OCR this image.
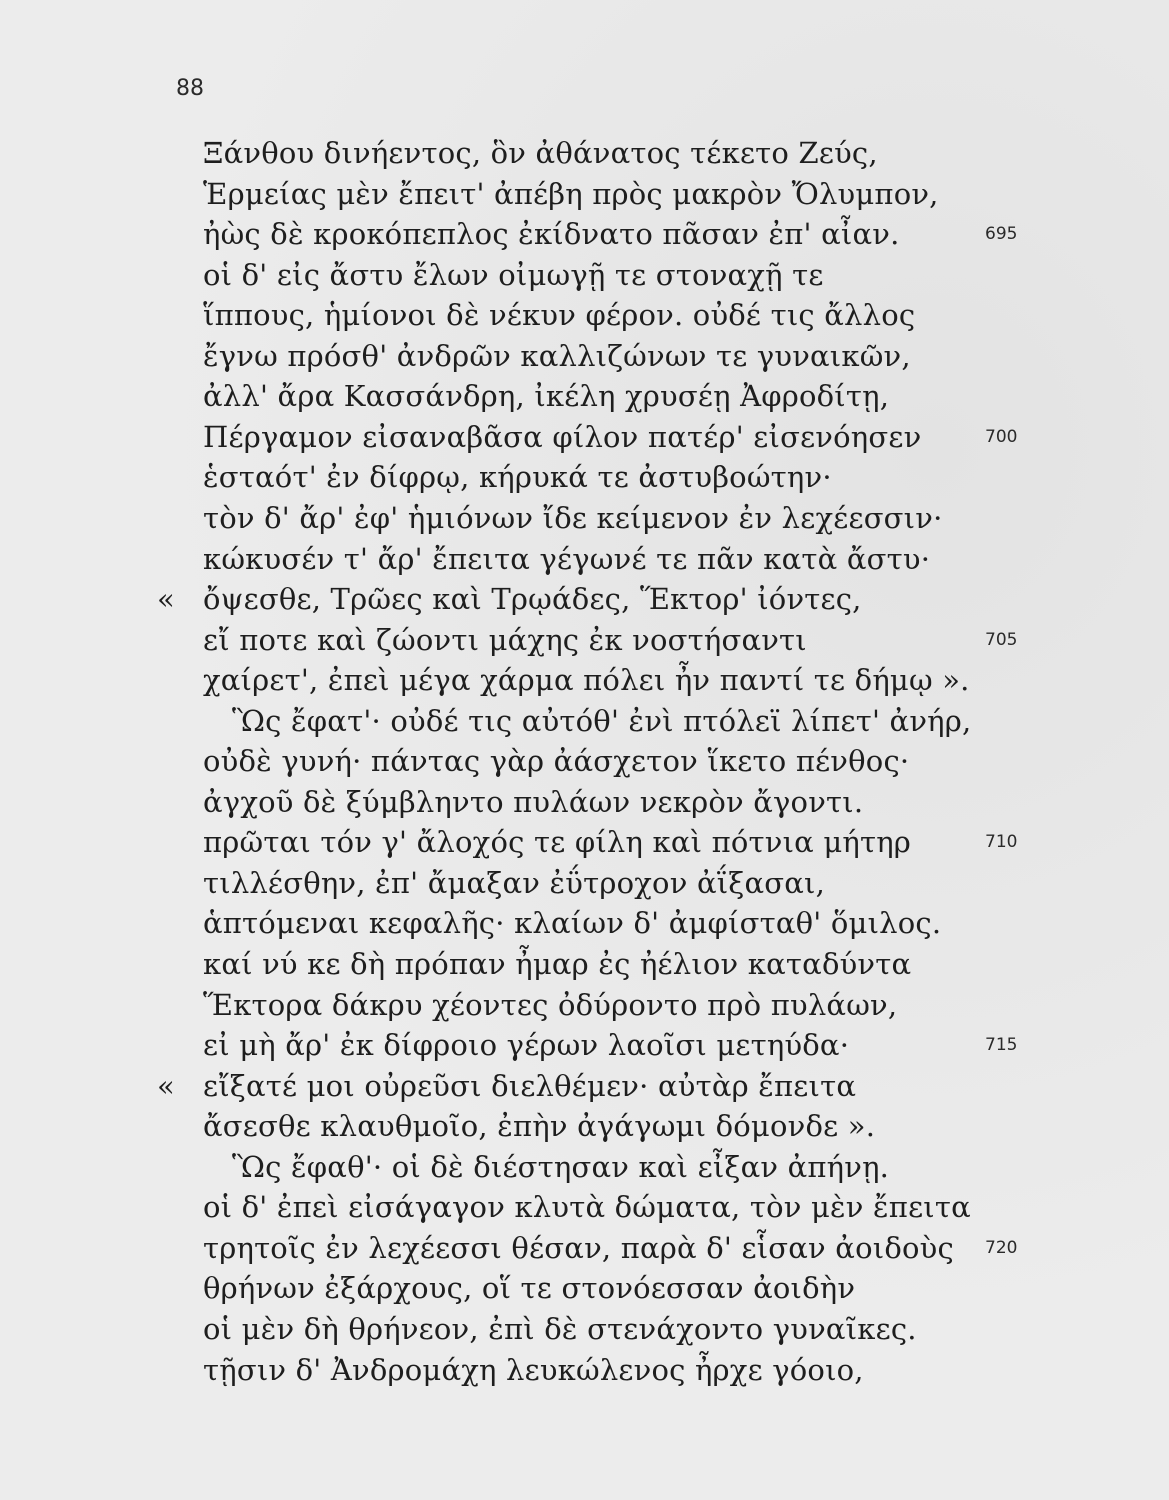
88
Ξάνθου δινήεντος, ὃν ἀθάνατος τέκετο Ζεύς,
Ἑρμείας μὲν ἔπειτ' ἀπέβη πρὸς μακρὸν Ὄλυμπον,
ἠὼς δὲ κροκόπεπλος ἐκίδνατο πᾶσαν ἐπ' αἶαν.	695
οἱ δ' εἰς ἄστυ ἔλων οἰμωγῇ τε στοναχῇ τε
ἵππους, ἡμίονοι δὲ νέκυν φέρον. οὐδέ τις ἄλλος
ἔγνω πρόσθ' ἀνδρῶν καλλιζώνων τε γυναικῶν,
ἀλλ' ἄρα Κασσάνδρη, ἰκέλη χρυσέῃ Ἀφροδίτῃ,
Πέργαμον εἰσαναβᾶσα φίλον πατέρ' εἰσενόησεν	700
ἑσταότ' ἐν δίφρῳ, κήρυκά τε ἀστυβοώτην·
τὸν δ' ἄρ' ἐφ' ἡμιόνων ἴδε κείμενον ἐν λεχέεσσιν·
κώκυσέν τ' ἄρ' ἔπειτα γέγωνέ τε πᾶν κατὰ ἄστυ·
ὄψεσθε, Τρῶες καὶ Τρῳάδες, Ἕκτορ' ἰόντες,
«
εἴ ποτε καὶ ζώοντι μάχης ἐκ νοστήσαντι	705
χαίρετ', ἐπεὶ μέγα χάρμα πόλει ἦν παντί τε δήμῳ ».
Ὣς ἔφατ'· οὐδέ τις αὐτόθ' ἐνὶ πτόλεϊ λίπετ' ἀνήρ,
οὐδὲ γυνή· πάντας γὰρ ἀάσχετον ἵκετο πένθος·
ἀγχοῦ δὲ ξύμβληντο πυλάων νεκρὸν ἄγοντι.
πρῶται τόν γ' ἄλοχός τε φίλη καὶ πότνια μήτηρ	710
τιλλέσθην, ἐπ' ἄμαξαν ἐΰτροχον ἀΐξασαι,
ἁπτόμεναι κεφαλῆς· κλαίων δ' ἀμφίσταθ' ὅμιλος.
καί νύ κε δὴ πρόπαν ἦμαρ ἐς ἠέλιον καταδύντα
Ἕκτορα δάκρυ χέοντες ὀδύροντο πρὸ πυλάων,
εἰ μὴ ἄρ' ἐκ δίφροιο γέρων λαοῖσι μετηύδα·	715
εἴξατέ μοι οὐρεῦσι διελθέμεν· αὐτὰρ ἔπειτα
«
ἄσεσθε κλαυθμοῖο, ἐπὴν ἀγάγωμι δόμονδε ».
Ὣς ἔφαθ'· οἱ δὲ διέστησαν καὶ εἶξαν ἀπήνῃ.
οἱ δ' ἐπεὶ εἰσάγαγον κλυτὰ δώματα, τὸν μὲν ἔπειτα
τρητοῖς ἐν λεχέεσσι θέσαν, παρὰ δ' εἷσαν ἀοιδοὺς 720
θρήνων ἐξάρχους, οἵ τε στονόεσσαν ἀοιδὴν
οἱ μὲν δὴ θρήνεον, ἐπὶ δὲ στενάχοντο γυναῖκες.
τῇσιν δ' Ἀνδρομάχη λευκώλενος ἦρχε γόοιο,
